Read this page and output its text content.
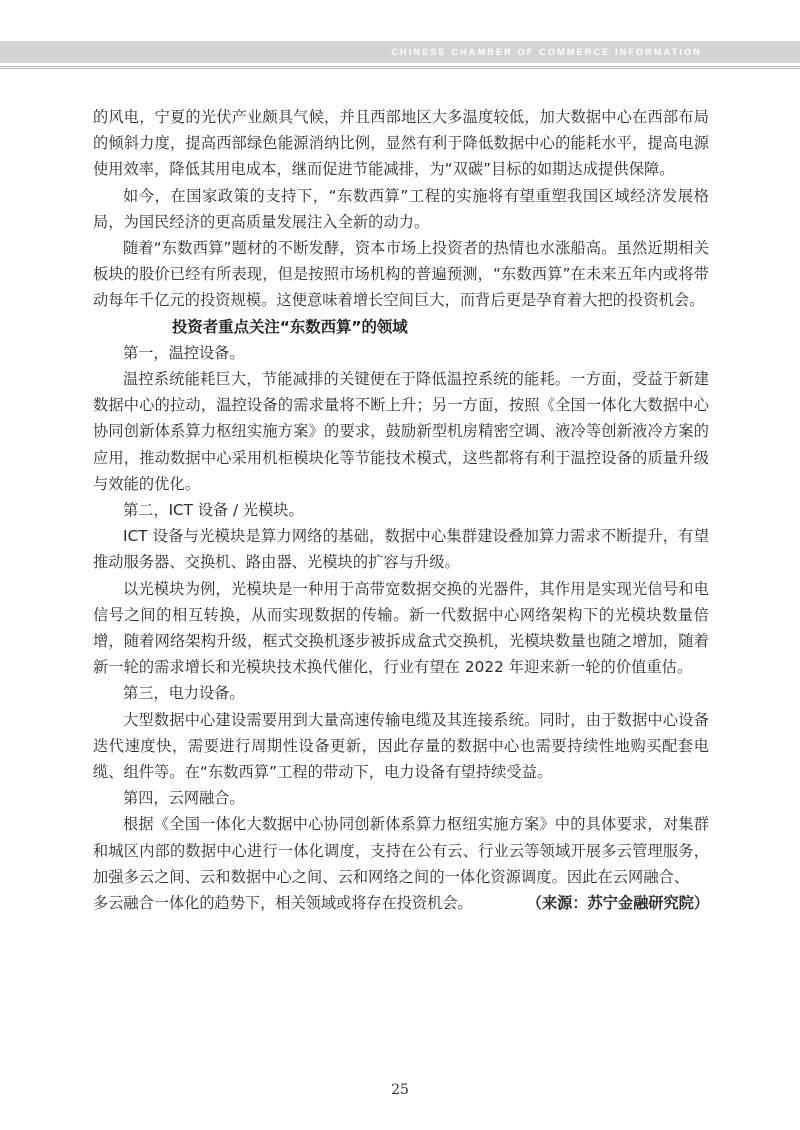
CHINESE CHAMBER OF COMMERCE INFORMATION

的风电，宁夏的光伏产业颇具气候，并且西部地区大多温度较低，加大数据中心在西部布局的倾斜力度，提高西部绿色能源消纳比例，显然有利于降低数据中心的能耗水平，提高电源使用效率，降低其用电成本，继而促进节能减排，为“双碳”目标的如期达成提供保障。

如今，在国家政策的支持下，“东数西算”工程的实施将有望重塑我国区域经济发展格局，为国民经济的更高质量发展注入全新的动力。

随着“东数西算”题材的不断发酵，资本市场上投资者的热情也水涨船高。虽然近期相关板块的股价已经有所表现，但是按照市场机构的普遍预测，“东数西算”在未来五年内或将带动每年千亿元的投资规模。这便意味着增长空间巨大，而背后更是孕育着大把的投资机会。

投资者重点关注“东数西算”的领域

第一，温控设备。

温控系统能耗巨大，节能减排的关键便在于降低温控系统的能耗。一方面，受益于新建数据中心的拉动，温控设备的需求量将不断上升；另一方面，按照《全国一体化大数据中心协同创新体系算力枢纽实施方案》的要求，鼓励新型机房精密空调、液冷等创新液冷方案的应用，推动数据中心采用机柜模块化等节能技术模式，这些都将有利于温控设备的质量升级与效能的优化。

第二，ICT 设备 / 光模块。

ICT 设备与光模块是算力网络的基础，数据中心集群建设叠加算力需求不断提升，有望推动服务器、交换机、路由器、光模块的扩容与升级。

以光模块为例，光模块是一种用于高带宽数据交换的光器件，其作用是实现光信号和电信号之间的相互转换，从而实现数据的传输。新一代数据中心网络架构下的光模块数量倍增，随着网络架构升级，框式交换机逐步被拆成盒式交换机，光模块数量也随之增加，随着新一轮的需求增长和光模块技术换代催化，行业有望在 2022 年迎来新一轮的价值重估。

第三，电力设备。

大型数据中心建设需要用到大量高速传输电缆及其连接系统。同时，由于数据中心设备迭代速度快，需要进行周期性设备更新，因此存量的数据中心也需要持续性地购买配套电缆、组件等。在“东数西算”工程的带动下，电力设备有望持续受益。

第四，云网融合。

根据《全国一体化大数据中心协同创新体系算力枢纽实施方案》中的具体要求，对集群和城区内部的数据中心进行一体化调度，支持在公有云、行业云等领域开展多云管理服务，加强多云之间、云和数据中心之间、云和网络之间的一体化资源调度。因此在云网融合、

多云融合一体化的趋势下，相关领域或将存在投资机会。	（来源：苏宁金融研究院）
25
